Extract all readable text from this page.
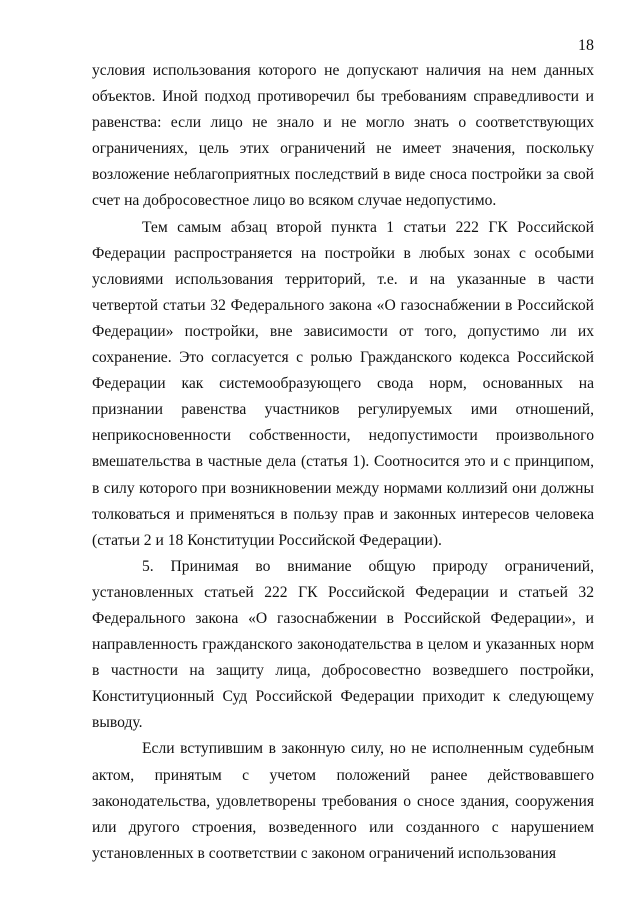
18

условия использования которого не допускают наличия на нем данных объектов. Иной подход противоречил бы требованиям справедливости и равенства: если лицо не знало и не могло знать о соответствующих ограничениях, цель этих ограничений не имеет значения, поскольку возложение неблагоприятных последствий в виде сноса постройки за свой счет на добросовестное лицо во всяком случае недопустимо.

Тем самым абзац второй пункта 1 статьи 222 ГК Российской Федерации распространяется на постройки в любых зонах с особыми условиями использования территорий, т.е. и на указанные в части четвертой статьи 32 Федерального закона «О газоснабжении в Российской Федерации» постройки, вне зависимости от того, допустимо ли их сохранение. Это согласуется с ролью Гражданского кодекса Российской Федерации как системообразующего свода норм, основанных на признании равенства участников регулируемых ими отношений, неприкосновенности собственности, недопустимости произвольного вмешательства в частные дела (статья 1). Соотносится это и с принципом, в силу которого при возникновении между нормами коллизий они должны толковаться и применяться в пользу прав и законных интересов человека (статьи 2 и 18 Конституции Российской Федерации).

5. Принимая во внимание общую природу ограничений, установленных статьей 222 ГК Российской Федерации и статьей 32 Федерального закона «О газоснабжении в Российской Федерации», и направленность гражданского законодательства в целом и указанных норм в частности на защиту лица, добросовестно возведшего постройки, Конституционный Суд Российской Федерации приходит к следующему выводу.

Если вступившим в законную силу, но не исполненным судебным актом, принятым с учетом положений ранее действовавшего законодательства, удовлетворены требования о сносе здания, сооружения или другого строения, возведенного или созданного с нарушением установленных в соответствии с законом ограничений использования
